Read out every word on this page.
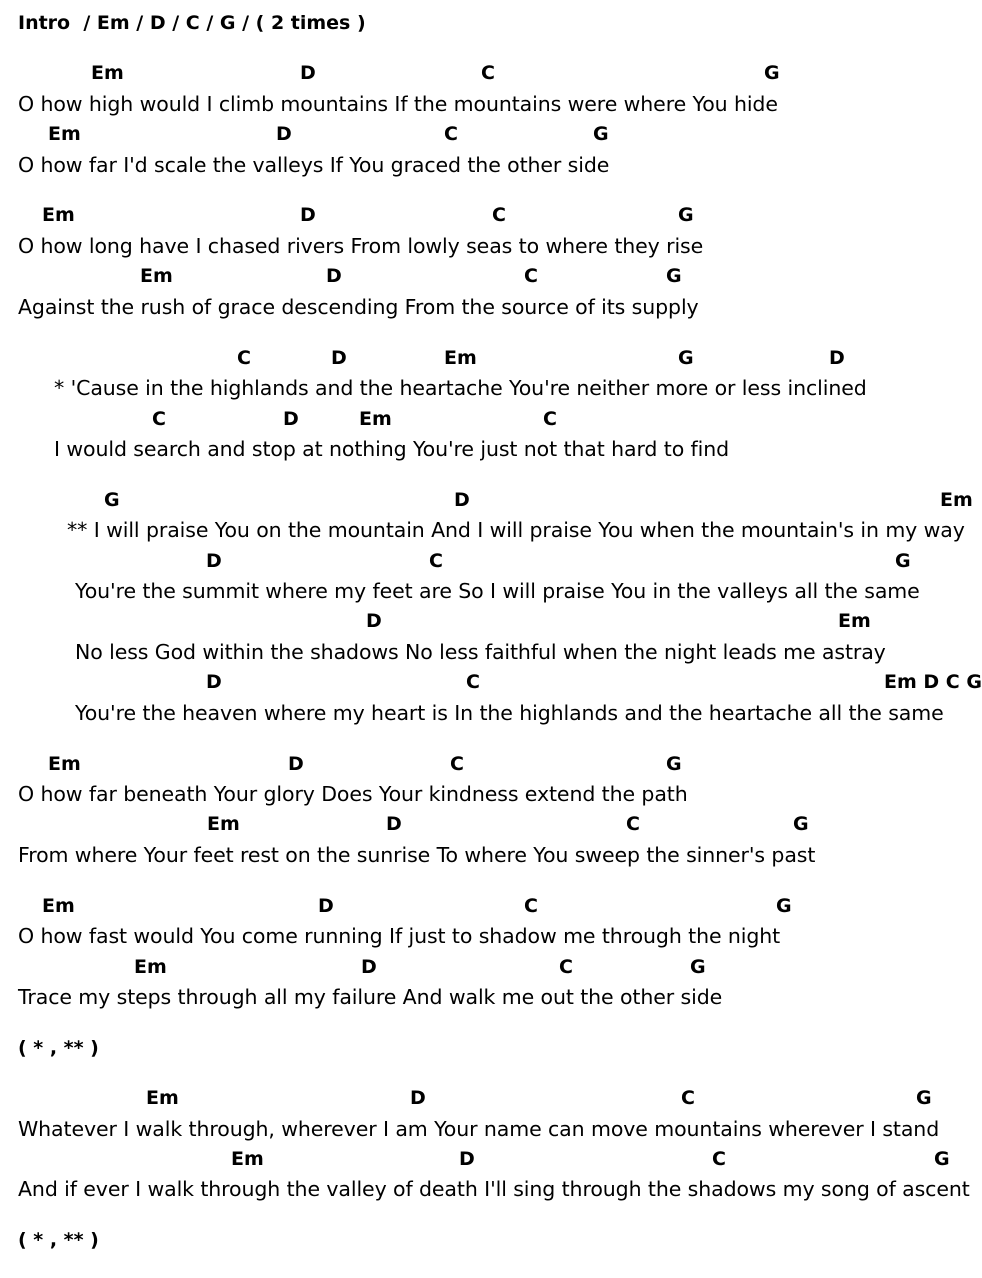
Intro  / Em / D / C / G / ( 2 times )
Em	D	C	G
O how high would I climb mountains If the mountains were where You hide
Em	D	C	G
O how far I'd scale the valleys If You graced the other side
Em	D	C	G
O how long have I chased rivers From lowly seas to where they rise
Em	D	C	G
Against the rush of grace descending From the source of its supply
C	D	Em	G	D
* 'Cause in the highlands and the heartache You're neither more or less inclined
C	D	Em	C
I would search and stop at nothing You're just not that hard to find
G	D	Em
** I will praise You on the mountain And I will praise You when the mountain's in my way
D	C	G
You're the summit where my feet are So I will praise You in the valleys all the same
D	Em
No less God within the shadows No less faithful when the night leads me astray
D	C	Em D C G
You're the heaven where my heart is In the highlands and the heartache all the same
Em	D	C	G
O how far beneath Your glory Does Your kindness extend the path
Em	D	C	G
From where Your feet rest on the sunrise To where You sweep the sinner's past
Em	D	C	G
O how fast would You come running If just to shadow me through the night
Em	D	C	G
Trace my steps through all my failure And walk me out the other side
( * , ** )
Em	D	C	G
Whatever I walk through, wherever I am Your name can move mountains wherever I stand
Em	D	C	G
And if ever I walk through the valley of death I'll sing through the shadows my song of ascent
( * , ** )
